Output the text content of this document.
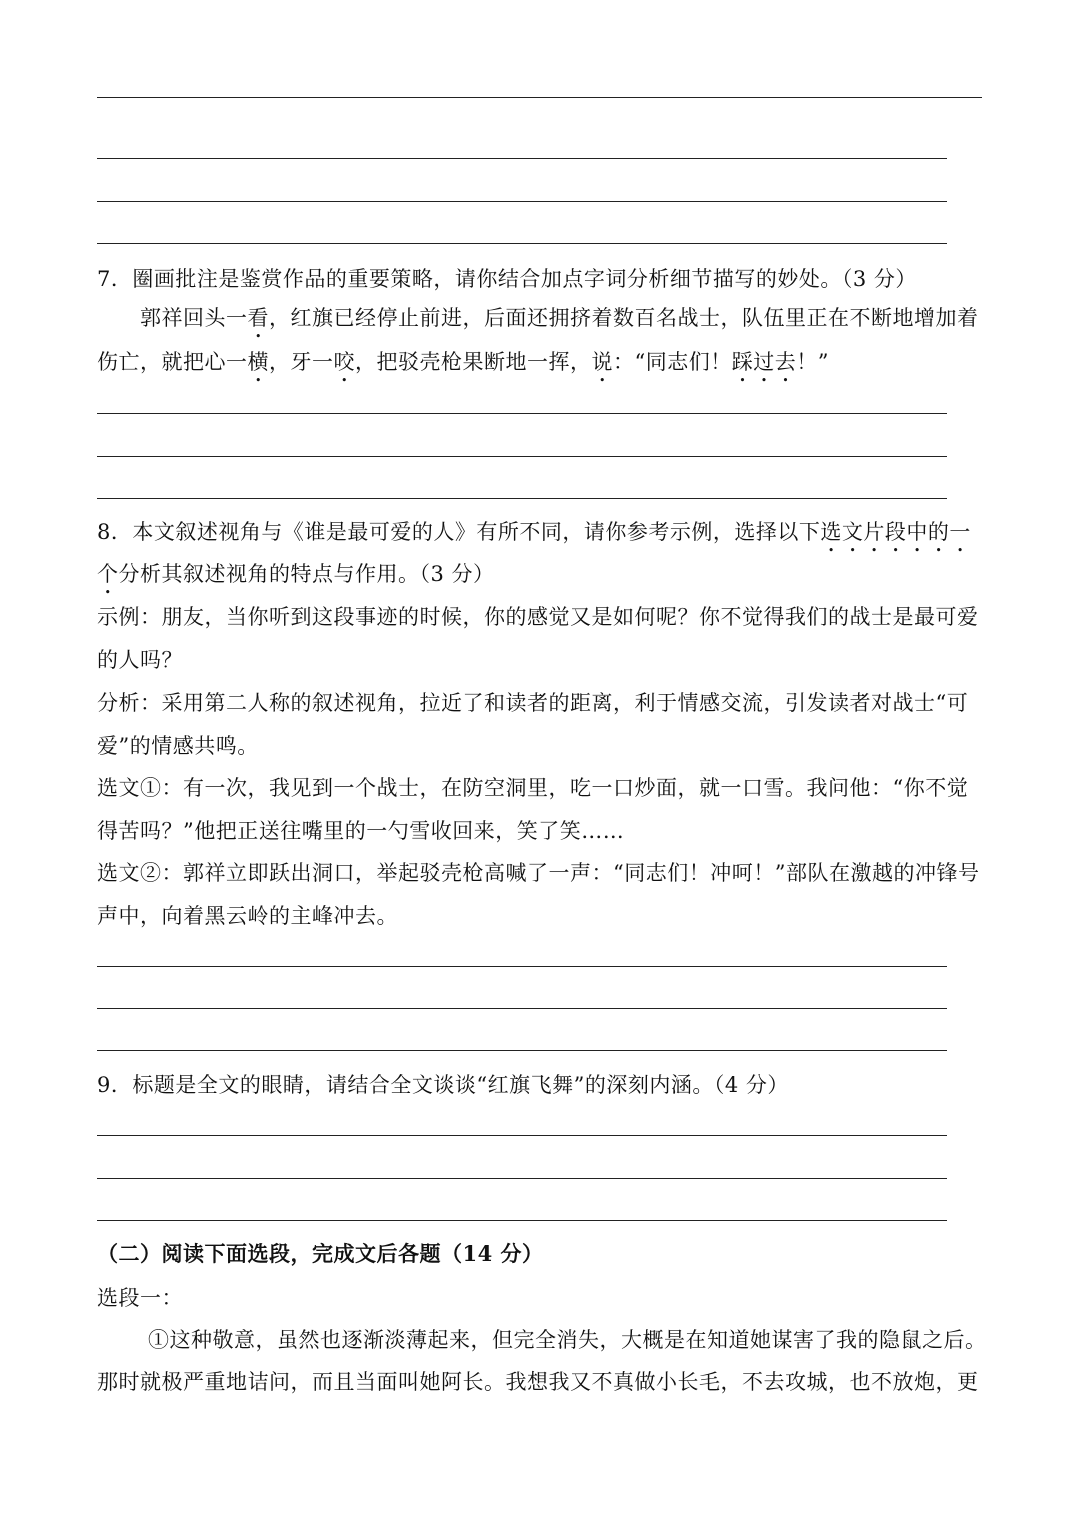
7．圈画批注是鉴赏作品的重要策略，请你结合加点字词分析细节描写的妙处。（3 分）
郭祥回头一看，红旗已经停止前进，后面还拥挤着数百名战士，队伍里正在不断地增加着
伤亡，就把心一横，牙一咬，把驳壳枪果断地一挥，说：“同志们！踩过去！”
8．本文叙述视角与《谁是最可爱的人》有所不同，请你参考示例，选择以下选文片段中的一
个分析其叙述视角的特点与作用。（3 分）
示例：朋友，当你听到这段事迹的时候，你的感觉又是如何呢？你不觉得我们的战士是最可爱
的人吗？
分析：采用第二人称的叙述视角，拉近了和读者的距离，利于情感交流，引发读者对战士“可
爱”的情感共鸣。
选文①：有一次，我见到一个战士，在防空洞里，吃一口炒面，就一口雪。我问他：“你不觉
得苦吗？”他把正送往嘴里的一勺雪收回来，笑了笑……
选文②：郭祥立即跃出洞口，举起驳壳枪高喊了一声：“同志们！冲呵！”部队在激越的冲锋号
声中，向着黑云岭的主峰冲去。
9．标题是全文的眼睛，请结合全文谈谈“红旗飞舞”的深刻内涵。（4 分）
（二）阅读下面选段，完成文后各题（14 分）
选段一：
①这种敬意，虽然也逐渐淡薄起来，但完全消失，大概是在知道她谋害了我的隐鼠之后。
那时就极严重地诘问，而且当面叫她阿长。我想我又不真做小长毛，不去攻城，也不放炮，更
